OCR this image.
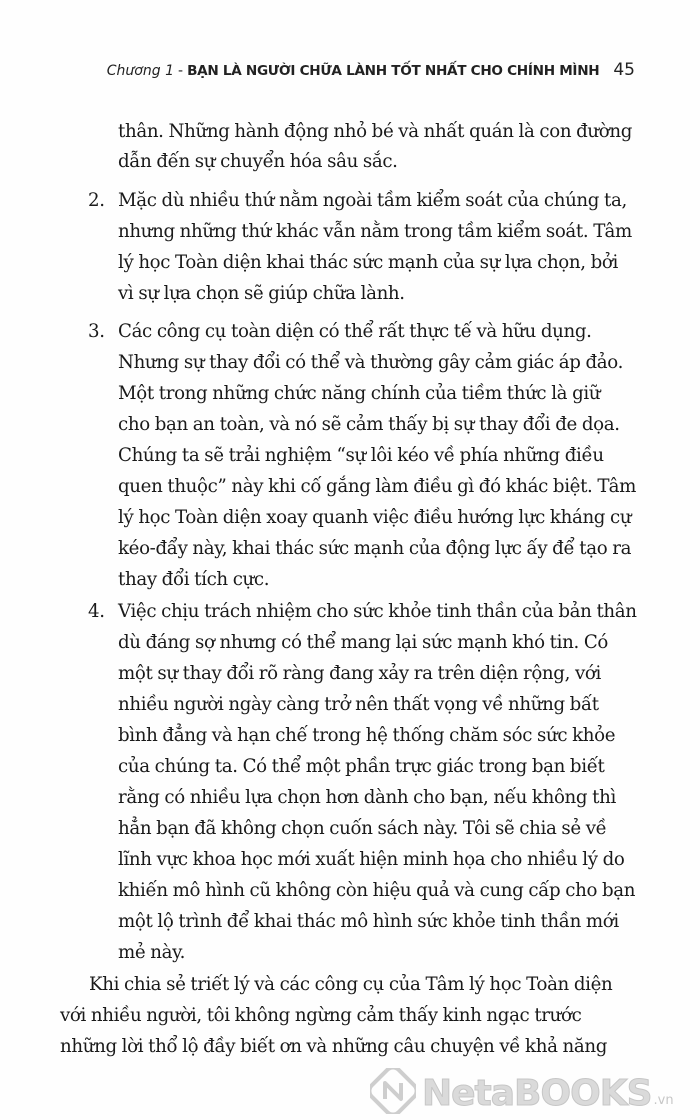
Chương 1 - BẠN LÀ NGƯỜI CHỮA LÀNH TỐT NHẤT CHO CHÍNH MÌNH 45
thân. Những hành động nhỏ bé và nhất quán là con đường
dẫn đến sự chuyển hóa sâu sắc.
2. Mặc dù nhiều thứ nằm ngoài tầm kiểm soát của chúng ta,
nhưng những thứ khác vẫn nằm trong tầm kiểm soát. Tâm
lý học Toàn diện khai thác sức mạnh của sự lựa chọn, bởi
vì sự lựa chọn sẽ giúp chữa lành.
3. Các công cụ toàn diện có thể rất thực tế và hữu dụng.
Nhưng sự thay đổi có thể và thường gây cảm giác áp đảo.
Một trong những chức năng chính của tiềm thức là giữ
cho bạn an toàn, và nó sẽ cảm thấy bị sự thay đổi đe dọa.
Chúng ta sẽ trải nghiệm “sự lôi kéo về phía những điều
quen thuộc” này khi cố gắng làm điều gì đó khác biệt. Tâm
lý học Toàn diện xoay quanh việc điều hướng lực kháng cự
kéo-đẩy này, khai thác sức mạnh của động lực ấy để tạo ra
thay đổi tích cực.
4. Việc chịu trách nhiệm cho sức khỏe tinh thần của bản thân
dù đáng sợ nhưng có thể mang lại sức mạnh khó tin. Có
một sự thay đổi rõ ràng đang xảy ra trên diện rộng, với
nhiều người ngày càng trở nên thất vọng về những bất
bình đẳng và hạn chế trong hệ thống chăm sóc sức khỏe
của chúng ta. Có thể một phần trực giác trong bạn biết
rằng có nhiều lựa chọn hơn dành cho bạn, nếu không thì
hẳn bạn đã không chọn cuốn sách này. Tôi sẽ chia sẻ về
lĩnh vực khoa học mới xuất hiện minh họa cho nhiều lý do
khiến mô hình cũ không còn hiệu quả và cung cấp cho bạn
một lộ trình để khai thác mô hình sức khỏe tinh thần mới
mẻ này.
Khi chia sẻ triết lý và các công cụ của Tâm lý học Toàn diện
với nhiều người, tôi không ngừng cảm thấy kinh ngạc trước
những lời thổ lộ đầy biết ơn và những câu chuyện về khả năng
NetaBOOKS .vn
